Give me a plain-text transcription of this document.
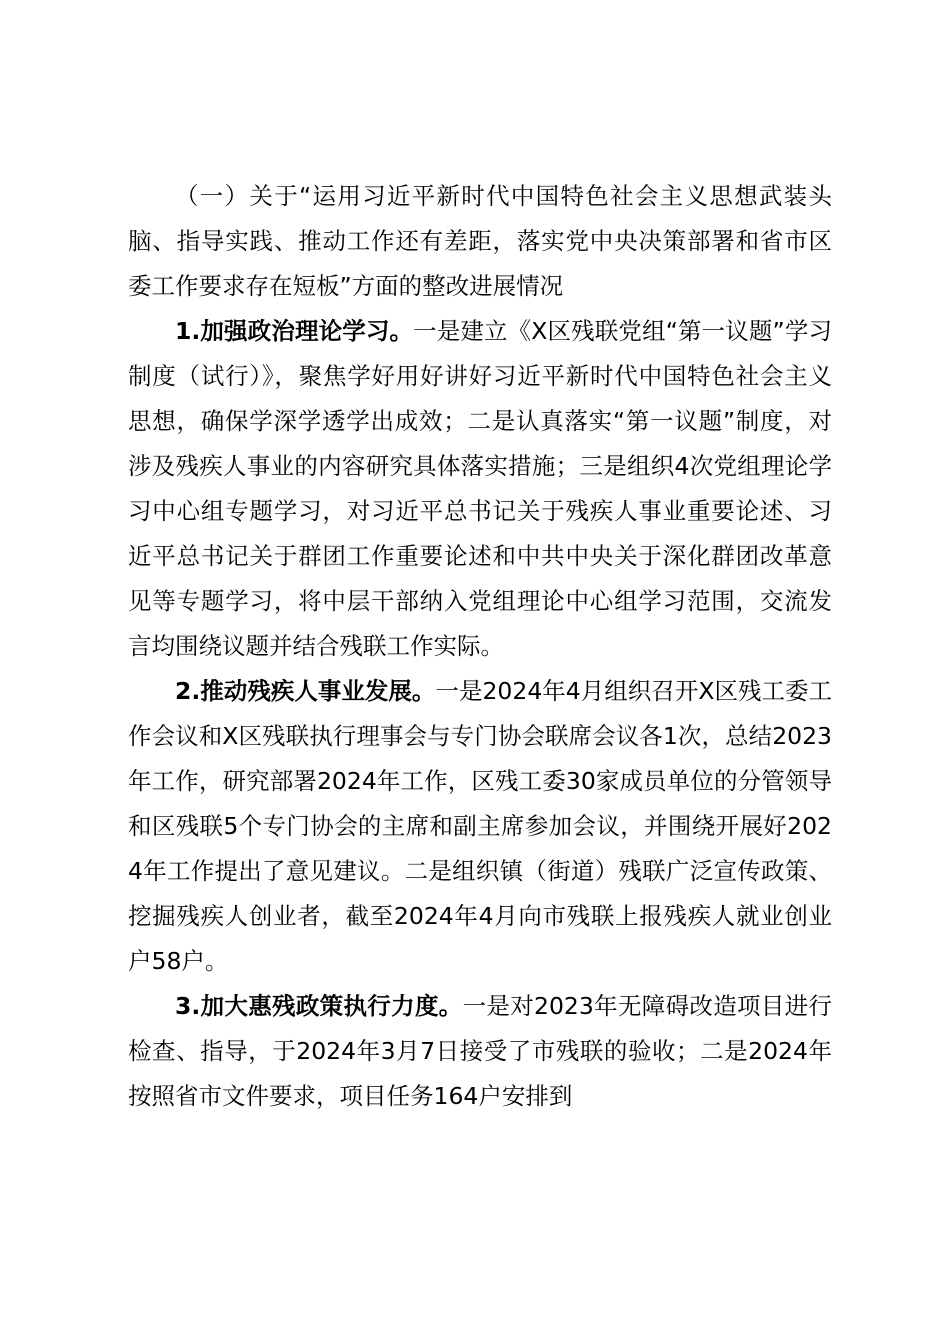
（一）关于“运用习近平新时代中国特色社会主义思想武装头脑、指导实践、推动工作还有差距，落实党中央决策部署和省市区委工作要求存在短板”方面的整改进展情况

1.加强政治理论学习。一是建立《X区残联党组“第一议题”学习制度（试行）》，聚焦学好用好讲好习近平新时代中国特色社会主义思想，确保学深学透学出成效；二是认真落实“第一议题”制度，对涉及残疾人事业的内容研究具体落实措施；三是组织4次党组理论学习中心组专题学习，对习近平总书记关于残疾人事业重要论述、习近平总书记关于群团工作重要论述和中共中央关于深化群团改革意见等专题学习，将中层干部纳入党组理论中心组学习范围，交流发言均围绕议题并结合残联工作实际。

2.推动残疾人事业发展。一是2024年4月组织召开X区残工委工作会议和X区残联执行理事会与专门协会联席会议各1次，总结2023年工作，研究部署2024年工作，区残工委30家成员单位的分管领导和区残联5个专门协会的主席和副主席参加会议，并围绕开展好2024年工作提出了意见建议。二是组织镇（街道）残联广泛宣传政策、挖掘残疾人创业者，截至2024年4月向市残联上报残疾人就业创业户58户。

3.加大惠残政策执行力度。一是对2023年无障碍改造项目进行检查、指导，于2024年3月7日接受了市残联的验收；二是2024年按照省市文件要求，项目任务164户安排到
